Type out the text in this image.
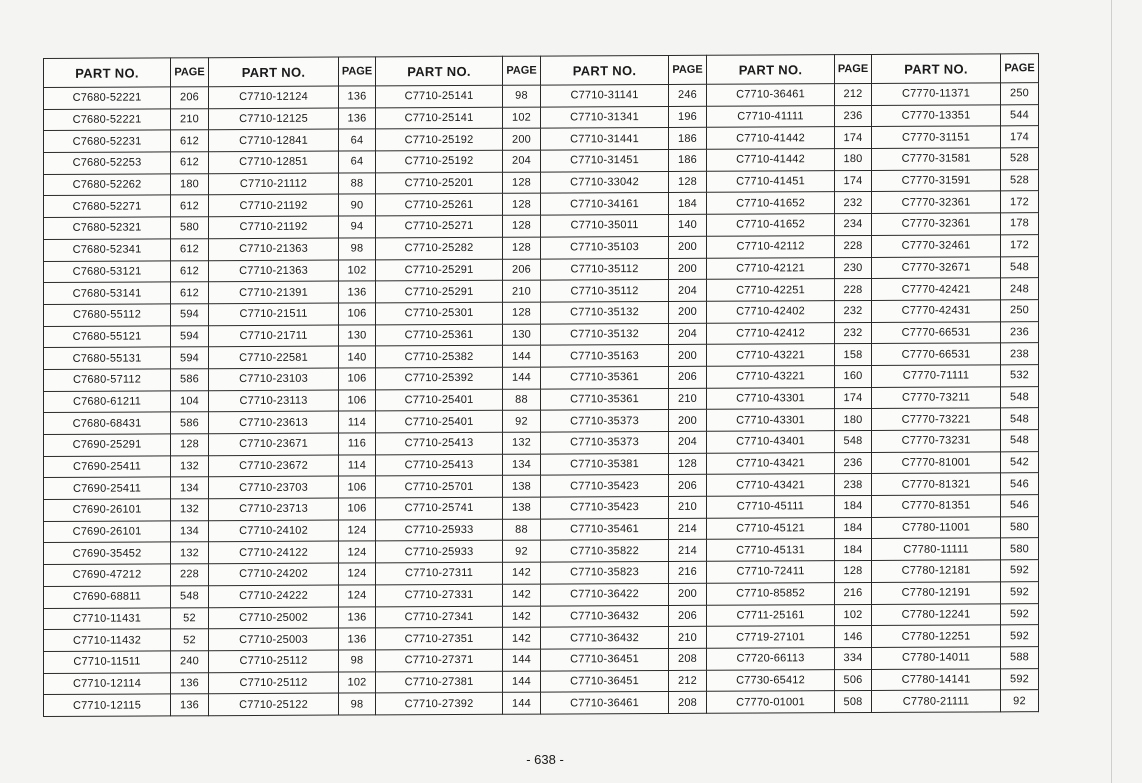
PART NO.	PAGE	PART NO.	PAGE	PART NO.	PAGE	PART NO.	PAGE	PART NO.	PAGE	PART NO.	PAGE
C7680-52221	206	C7710-12124	136	C7710-25141	98	C7710-31141	246	C7710-36461	212	C7770-11371	250
C7680-52221	210	C7710-12125	136	C7710-25141	102	C7710-31341	196	C7710-41111	236	C7770-13351	544
C7680-52231	612	C7710-12841	64	C7710-25192	200	C7710-31441	186	C7710-41442	174	C7770-31151	174
C7680-52253	612	C7710-12851	64	C7710-25192	204	C7710-31451	186	C7710-41442	180	C7770-31581	528
C7680-52262	180	C7710-21112	88	C7710-25201	128	C7710-33042	128	C7710-41451	174	C7770-31591	528
C7680-52271	612	C7710-21192	90	C7710-25261	128	C7710-34161	184	C7710-41652	232	C7770-32361	172
C7680-52321	580	C7710-21192	94	C7710-25271	128	C7710-35011	140	C7710-41652	234	C7770-32361	178
C7680-52341	612	C7710-21363	98	C7710-25282	128	C7710-35103	200	C7710-42112	228	C7770-32461	172
C7680-53121	612	C7710-21363	102	C7710-25291	206	C7710-35112	200	C7710-42121	230	C7770-32671	548
C7680-53141	612	C7710-21391	136	C7710-25291	210	C7710-35112	204	C7710-42251	228	C7770-42421	248
C7680-55112	594	C7710-21511	106	C7710-25301	128	C7710-35132	200	C7710-42402	232	C7770-42431	250
C7680-55121	594	C7710-21711	130	C7710-25361	130	C7710-35132	204	C7710-42412	232	C7770-66531	236
C7680-55131	594	C7710-22581	140	C7710-25382	144	C7710-35163	200	C7710-43221	158	C7770-66531	238
C7680-57112	586	C7710-23103	106	C7710-25392	144	C7710-35361	206	C7710-43221	160	C7770-71111	532
C7680-61211	104	C7710-23113	106	C7710-25401	88	C7710-35361	210	C7710-43301	174	C7770-73211	548
C7680-68431	586	C7710-23613	114	C7710-25401	92	C7710-35373	200	C7710-43301	180	C7770-73221	548
C7690-25291	128	C7710-23671	116	C7710-25413	132	C7710-35373	204	C7710-43401	548	C7770-73231	548
C7690-25411	132	C7710-23672	114	C7710-25413	134	C7710-35381	128	C7710-43421	236	C7770-81001	542
C7690-25411	134	C7710-23703	106	C7710-25701	138	C7710-35423	206	C7710-43421	238	C7770-81321	546
C7690-26101	132	C7710-23713	106	C7710-25741	138	C7710-35423	210	C7710-45111	184	C7770-81351	546
C7690-26101	134	C7710-24102	124	C7710-25933	88	C7710-35461	214	C7710-45121	184	C7780-11001	580
C7690-35452	132	C7710-24122	124	C7710-25933	92	C7710-35822	214	C7710-45131	184	C7780-11111	580
C7690-47212	228	C7710-24202	124	C7710-27311	142	C7710-35823	216	C7710-72411	128	C7780-12181	592
C7690-68811	548	C7710-24222	124	C7710-27331	142	C7710-36422	200	C7710-85852	216	C7780-12191	592
C7710-11431	52	C7710-25002	136	C7710-27341	142	C7710-36432	206	C7711-25161	102	C7780-12241	592
C7710-11432	52	C7710-25003	136	C7710-27351	142	C7710-36432	210	C7719-27101	146	C7780-12251	592
C7710-11511	240	C7710-25112	98	C7710-27371	144	C7710-36451	208	C7720-66113	334	C7780-14011	588
C7710-12114	136	C7710-25112	102	C7710-27381	144	C7710-36451	212	C7730-65412	506	C7780-14141	592
C7710-12115	136	C7710-25122	98	C7710-27392	144	C7710-36461	208	C7770-01001	508	C7780-21111	92
- 638 -
